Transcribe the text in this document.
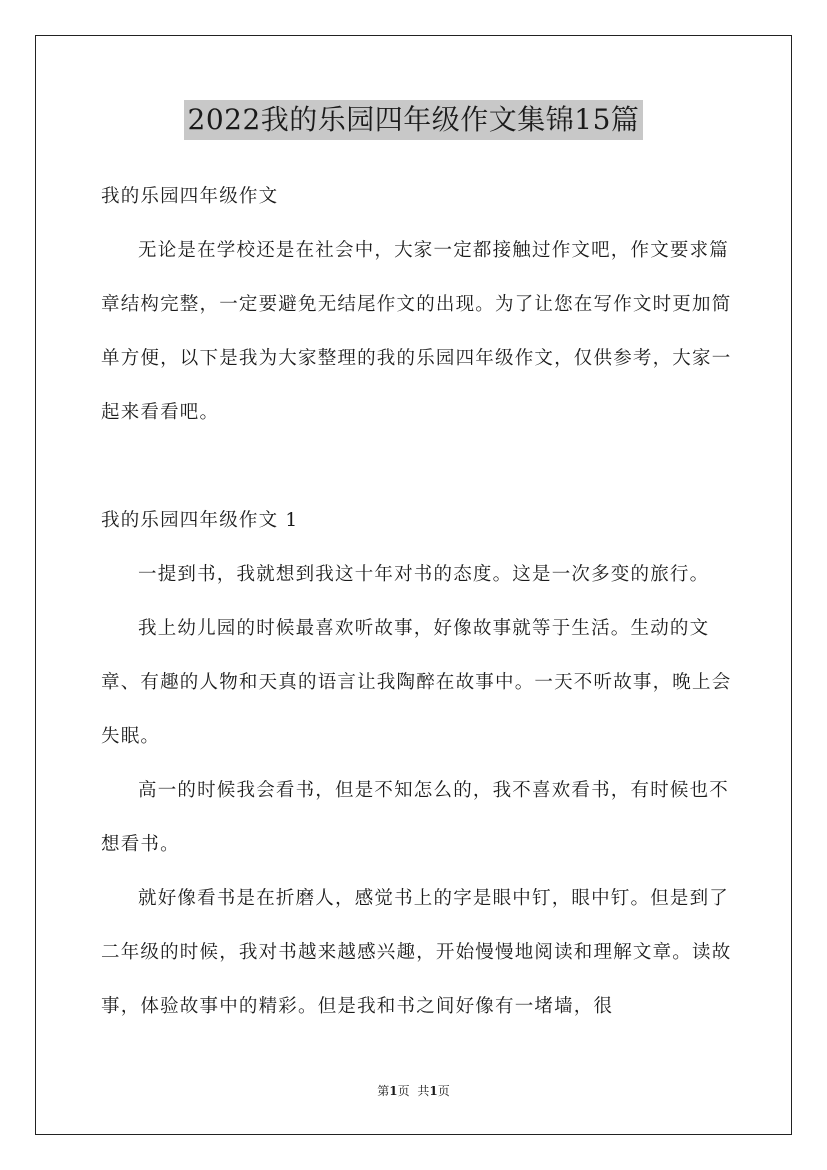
2022我的乐园四年级作文集锦15篇

我的乐园四年级作文

无论是在学校还是在社会中，大家一定都接触过作文吧，作文要求篇章结构完整，一定要避免无结尾作文的出现。为了让您在写作文时更加简单方便，以下是我为大家整理的我的乐园四年级作文，仅供参考，大家一起来看看吧。

我的乐园四年级作文 1

一提到书，我就想到我这十年对书的态度。这是一次多变的旅行。

我上幼儿园的时候最喜欢听故事，好像故事就等于生活。生动的文章、有趣的人物和天真的语言让我陶醉在故事中。一天不听故事，晚上会失眠。

高一的时候我会看书，但是不知怎么的，我不喜欢看书，有时候也不想看书。

就好像看书是在折磨人，感觉书上的字是眼中钉，眼中钉。但是到了二年级的时候，我对书越来越感兴趣，开始慢慢地阅读和理解文章。读故事，体验故事中的精彩。但是我和书之间好像有一堵墙，很

第1页 共1页
